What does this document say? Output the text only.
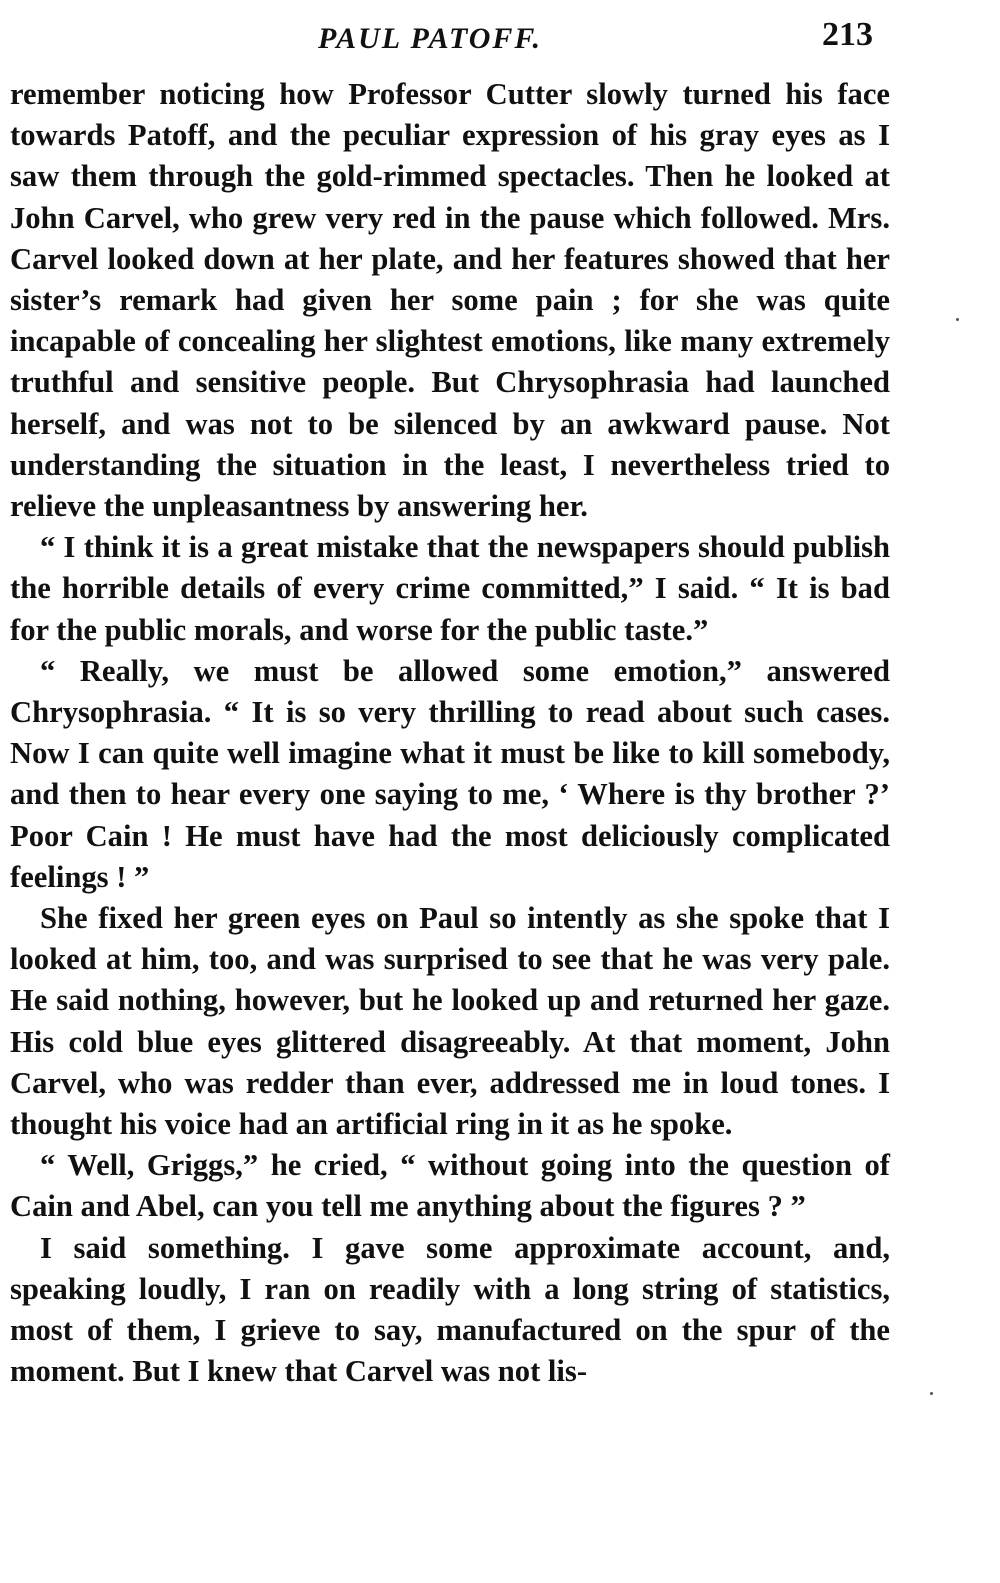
PAUL PATOFF.	213

remember noticing how Professor Cutter slowly turned his face towards Patoff, and the peculiar expression of his gray eyes as I saw them through the gold-rimmed spectacles. Then he looked at John Carvel, who grew very red in the pause which followed. Mrs. Carvel looked down at her plate, and her features showed that her sister’s remark had given her some pain ; for she was quite incapable of concealing her slightest emotions, like many extremely truthful and sensitive people. But Chrysophrasia had launched herself, and was not to be silenced by an awkward pause. Not understanding the situation in the least, I nevertheless tried to relieve the unpleasantness by answering her.

“ I think it is a great mistake that the newspapers should publish the horrible details of every crime committed,” I said. “ It is bad for the public morals, and worse for the public taste.”

“ Really, we must be allowed some emotion,” answered Chrysophrasia. “ It is so very thrilling to read about such cases. Now I can quite well imagine what it must be like to kill somebody, and then to hear every one saying to me, ‘ Where is thy brother ?’ Poor Cain ! He must have had the most deliciously complicated feelings ! ”

She fixed her green eyes on Paul so intently as she spoke that I looked at him, too, and was surprised to see that he was very pale. He said nothing, however, but he looked up and returned her gaze. His cold blue eyes glittered disagreeably. At that moment, John Carvel, who was redder than ever, addressed me in loud tones. I thought his voice had an artificial ring in it as he spoke.

“ Well, Griggs,” he cried, “ without going into the question of Cain and Abel, can you tell me anything about the figures ? ”

I said something. I gave some approximate account, and, speaking loudly, I ran on readily with a long string of statistics, most of them, I grieve to say, manufactured on the spur of the moment. But I knew that Carvel was not lis-
